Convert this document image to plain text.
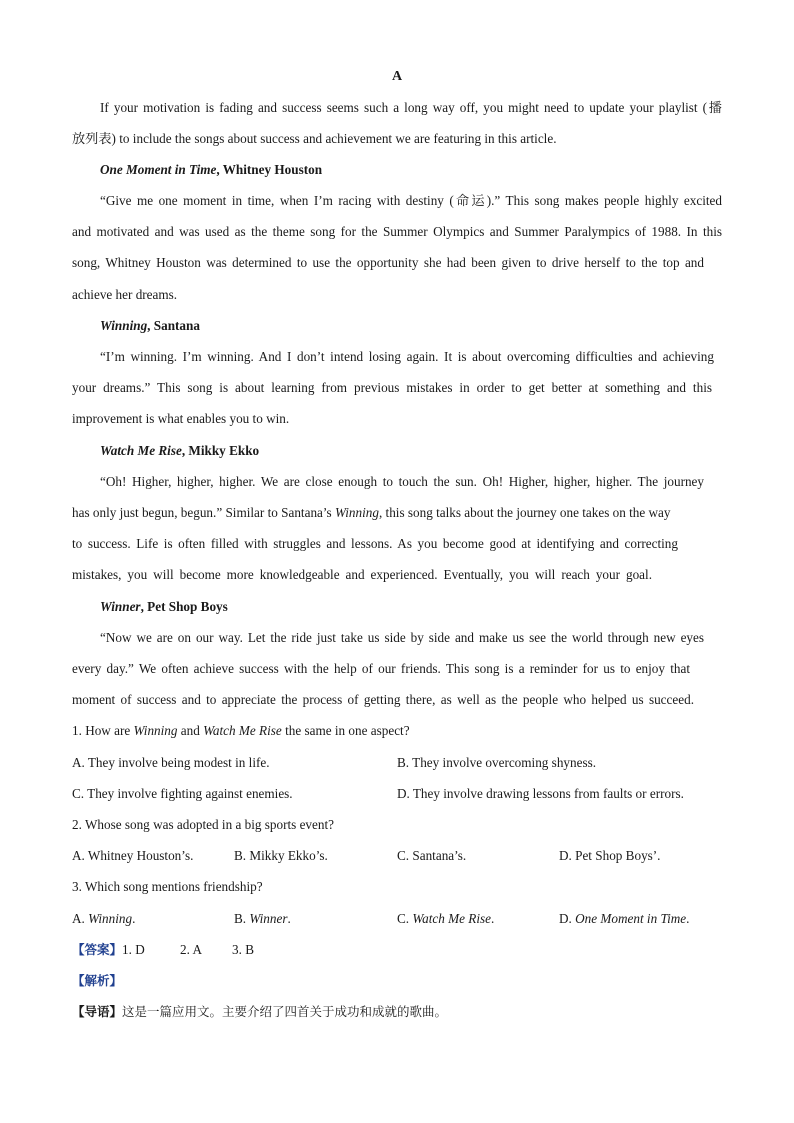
A
If your motivation is fading and success seems such a long way off, you might need to update your playlist (播
放列表) to include the songs about success and achievement we are featuring in this article.
One Moment in Time, Whitney Houston
“Give me one moment in time, when I’m racing with destiny (命运).” This song makes people highly excited
and motivated and was used as the theme song for the Summer Olympics and Summer Paralympics of 1988. In this
song, Whitney Houston was determined to use the opportunity she had been given to drive herself to the top and
achieve her dreams.
Winning, Santana
“I’m winning. I’m winning. And I don’t intend losing again. It is about overcoming difficulties and achieving
your dreams.” This song is about learning from previous mistakes in order to get better at something and this
improvement is what enables you to win.
Watch Me Rise, Mikky Ekko
“Oh! Higher, higher, higher. We are close enough to touch the sun. Oh! Higher, higher, higher. The journey
has only just begun, begun.” Similar to Santana’s Winning, this song talks about the journey one takes on the way
to success. Life is often filled with struggles and lessons. As you become good at identifying and correcting
mistakes, you will become more knowledgeable and experienced. Eventually, you will reach your goal.
Winner, Pet Shop Boys
“Now we are on our way. Let the ride just take us side by side and make us see the world through new eyes
every day.” We often achieve success with the help of our friends. This song is a reminder for us to enjoy that
moment of success and to appreciate the process of getting there, as well as the people who helped us succeed.
1. How are Winning and Watch Me Rise the same in one aspect?
A. They involve being modest in life.	B. They involve overcoming shyness.
C. They involve fighting against enemies.	D. They involve drawing lessons from faults or errors.
2. Whose song was adopted in a big sports event?
A. Whitney Houston’s.	B. Mikky Ekko’s.	C. Santana’s.	D. Pet Shop Boys’.
3. Which song mentions friendship?
A. Winning.	B. Winner.	C. Watch Me Rise.	D. One Moment in Time.
【答案】1. D	2. A 3. B
【解析】
【导语】这是一篇应用文。主要介绍了四首关于成功和成就的歌曲。
